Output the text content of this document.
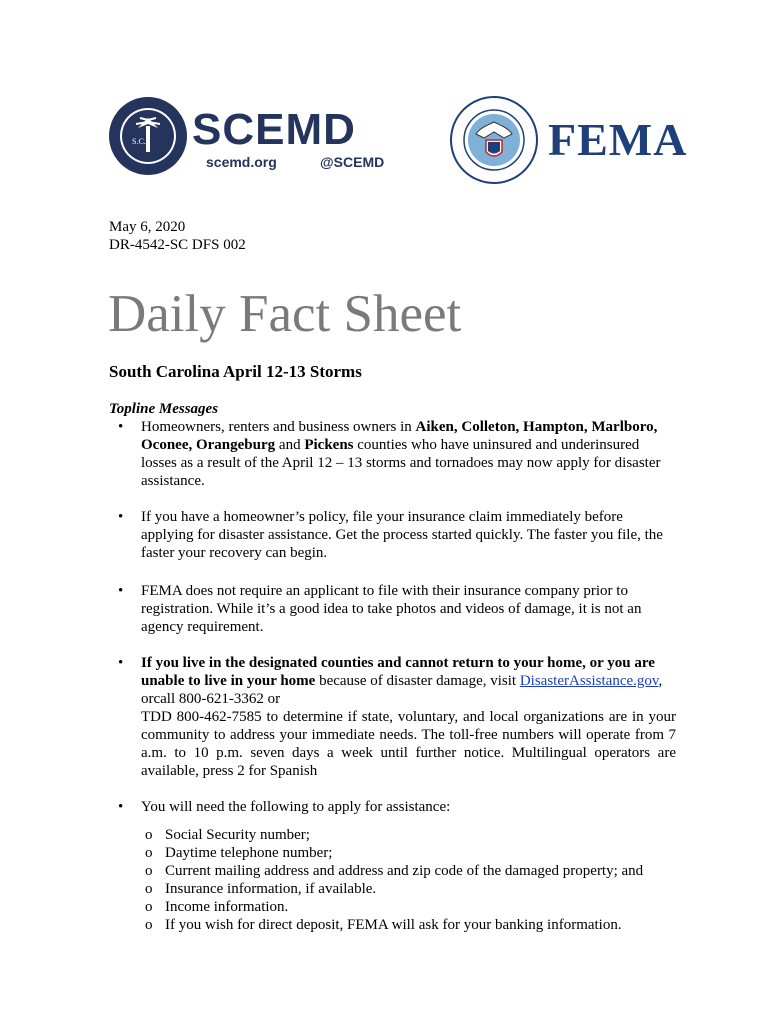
S.C. SCEMD
scemd.org	@SCEMD	FEMA
May 6, 2020
DR-4542-SC DFS 002
Daily Fact Sheet
South Carolina April 12-13 Storms
Topline Messages
•	Homeowners, renters and business owners in Aiken, Colleton, Hampton, Marlboro, Oconee, Orangeburg and Pickens counties who have uninsured and underinsured losses as a result of the April 12 – 13 storms and tornadoes may now apply for disaster assistance.

•	If you have a homeowner’s policy, file your insurance claim immediately before applying for disaster assistance. Get the process started quickly. The faster you file, the faster your recovery can begin.

•	FEMA does not require an applicant to file with their insurance company prior to registration. While it’s a good idea to take photos and videos of damage, it is not an agency requirement.

•	If you live in the designated counties and cannot return to your home, or you are unable to live in your home because of disaster damage, visit DisasterAssistance.gov,

orcall 800-621-3362 or

TDD 800-462-7585 to determine if state, voluntary, and local organizations are in your community to address your immediate needs. The toll-free numbers will operate from 7 a.m. to 10 p.m. seven days a week until further notice. Multilingual operators are available, press 2 for Spanish

•	You will need the following to apply for assistance:

o Social Security number;
o Daytime telephone number;
o Current mailing address and address and zip code of the damaged property; and
o Insurance information, if available.
o Income information.
o If you wish for direct deposit, FEMA will ask for your banking information.
